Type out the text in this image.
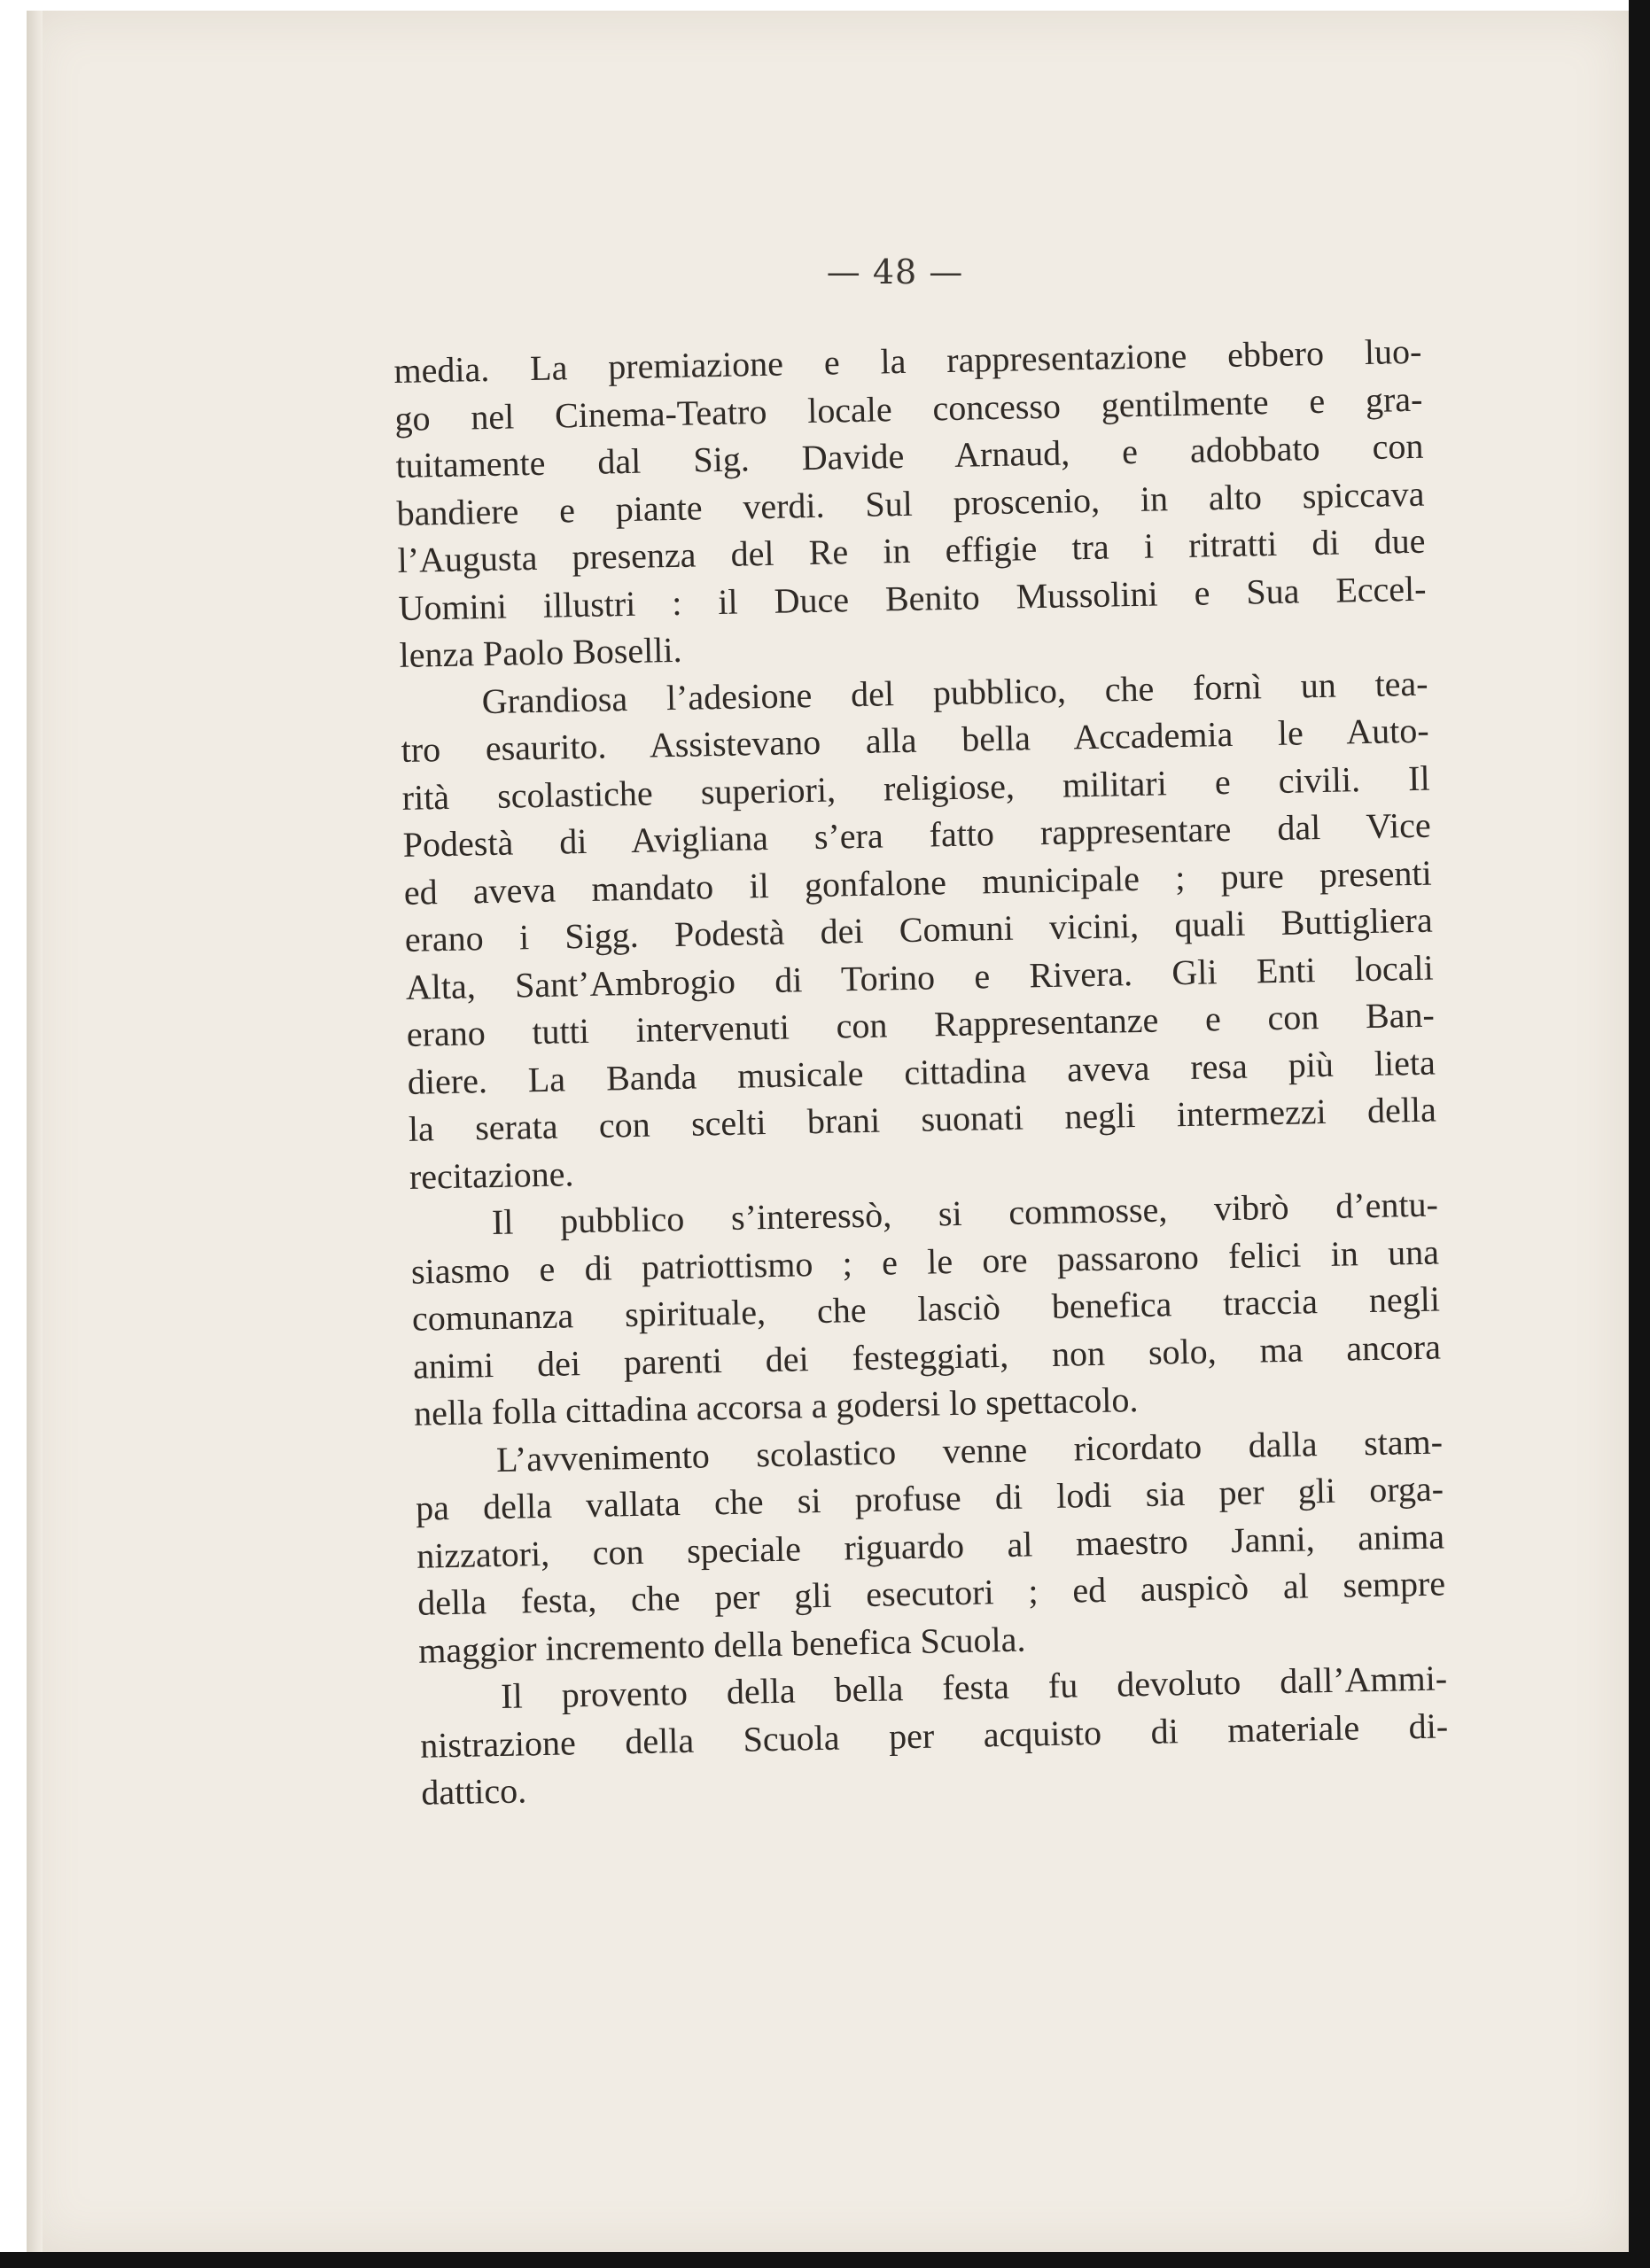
— 48 —
media. La premiazione e la rappresentazione ebbero luo-
go nel Cinema-Teatro locale concesso gentilmente e gra-
tuitamente dal Sig. Davide Arnaud, e adobbato con
bandiere e piante verdi. Sul proscenio, in alto spiccava
l’Augusta presenza del Re in effigie tra i ritratti di due
Uomini illustri : il Duce Benito Mussolini e Sua Eccel-
lenza Paolo Boselli.
Grandiosa l’adesione del pubblico, che fornì un tea-
tro esaurito. Assistevano alla bella Accademia le Auto-
rità scolastiche superiori, religiose, militari e civili. Il
Podestà di Avigliana s’era fatto rappresentare dal Vice
ed aveva mandato il gonfalone municipale ; pure presenti
erano i Sigg. Podestà dei Comuni vicini, quali Buttigliera
Alta, Sant’Ambrogio di Torino e Rivera. Gli Enti locali
erano tutti intervenuti con Rappresentanze e con Ban-
diere. La Banda musicale cittadina aveva resa più lieta
la serata con scelti brani suonati negli intermezzi della
recitazione.
Il pubblico s’interessò, si commosse, vibrò d’entu-
siasmo e di patriottismo ; e le ore passarono felici in una
comunanza spirituale, che lasciò benefica traccia negli
animi dei parenti dei festeggiati, non solo, ma ancora
nella folla cittadina accorsa a godersi lo spettacolo.
L’avvenimento scolastico venne ricordato dalla stam-
pa della vallata che si profuse di lodi sia per gli orga-
nizzatori, con speciale riguardo al maestro Janni, anima
della festa, che per gli esecutori ; ed auspicò al sempre
maggior incremento della benefica Scuola.
Il provento della bella festa fu devoluto dall’Ammi-
nistrazione della Scuola per acquisto di materiale di-
dattico.
